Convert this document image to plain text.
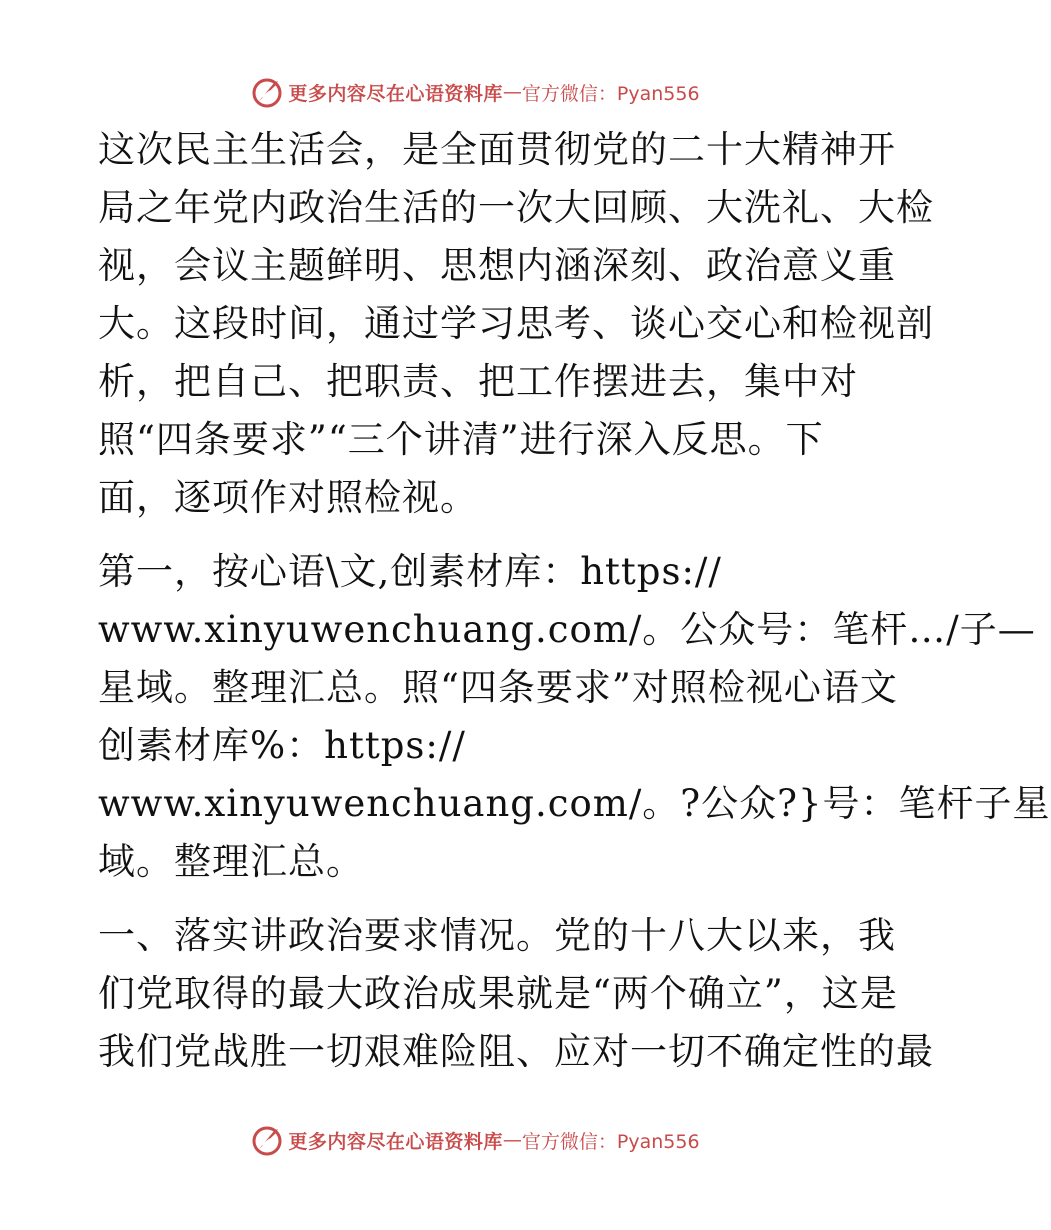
更多内容尽在心语资料库 — 官方微信：Pyan556

这次民主生活会，是全面贯彻党的二十大精神开
局之年党内政治生活的一次大回顾、大洗礼、大检
视，会议主题鲜明、思想内涵深刻、政治意义重
大。这段时间，通过学习思考、谈心交心和检视剖
析，把自己、把职责、把工作摆进去，集中对
照“四条要求”“三个讲清”进行深入反思。下
面，逐项作对照检视。

第一，按心语\文,创素材库：https://
www.xinyuwenchuang.com/。公众号：笔杆…/子—
星域。整理汇总。照“四条要求”对照检视心语文
创素材库%：https://
www.xinyuwenchuang.com/。?公众?}号：笔杆子星
域。整理汇总。

一、落实讲政治要求情况。党的十八大以来，我
们党取得的最大政治成果就是“两个确立”，这是
我们党战胜一切艰难险阻、应对一切不确定性的最

更多内容尽在心语资料库 — 官方微信：Pyan556
